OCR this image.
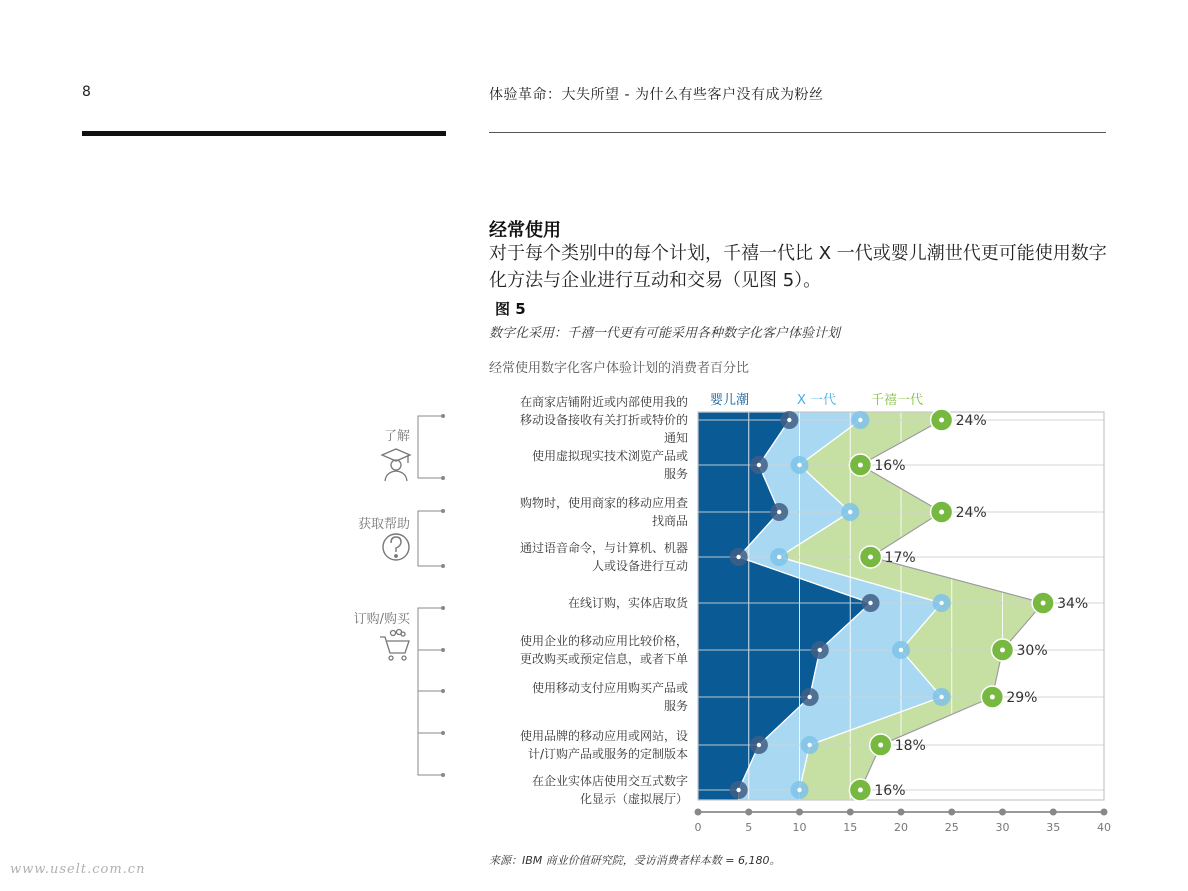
8	体验革命：大失所望 - 为什么有些客户没有成为粉丝
经常使用
对于每个类别中的每个计划，千禧一代比 X 一代或婴儿潮世代更可能使用数字化方法与企业进行互动和交易（见图 5）。
图 5
数字化采用：千禧一代更有可能采用各种数字化客户体验计划
经常使用数字化客户体验计划的消费者百分比
了解
获取帮助
订购/购买
婴儿潮	X 一代	千禧一代
24%
16%
24%
17%
34%
30%
29%
18%
16%
0	5	10	15	20	25	30	35	40
在商家店铺附近或内部使用我的
移动设备接收有关打折或特价的
通知
使用虚拟现实技术浏览产品或
服务
购物时，使用商家的移动应用查
找商品
通过语音命令，与计算机、机器
人或设备进行互动
在线订购，实体店取货
使用企业的移动应用比较价格，
更改购买或预定信息，或者下单
使用移动支付应用购买产品或
服务
使用品牌的移动应用或网站，设
计/订购产品或服务的定制版本
在企业实体店使用交互式数字
化显示（虚拟展厅）
来源：IBM 商业价值研究院，受访消费者样本数 = 6,180。
www.uselt.com.cn
